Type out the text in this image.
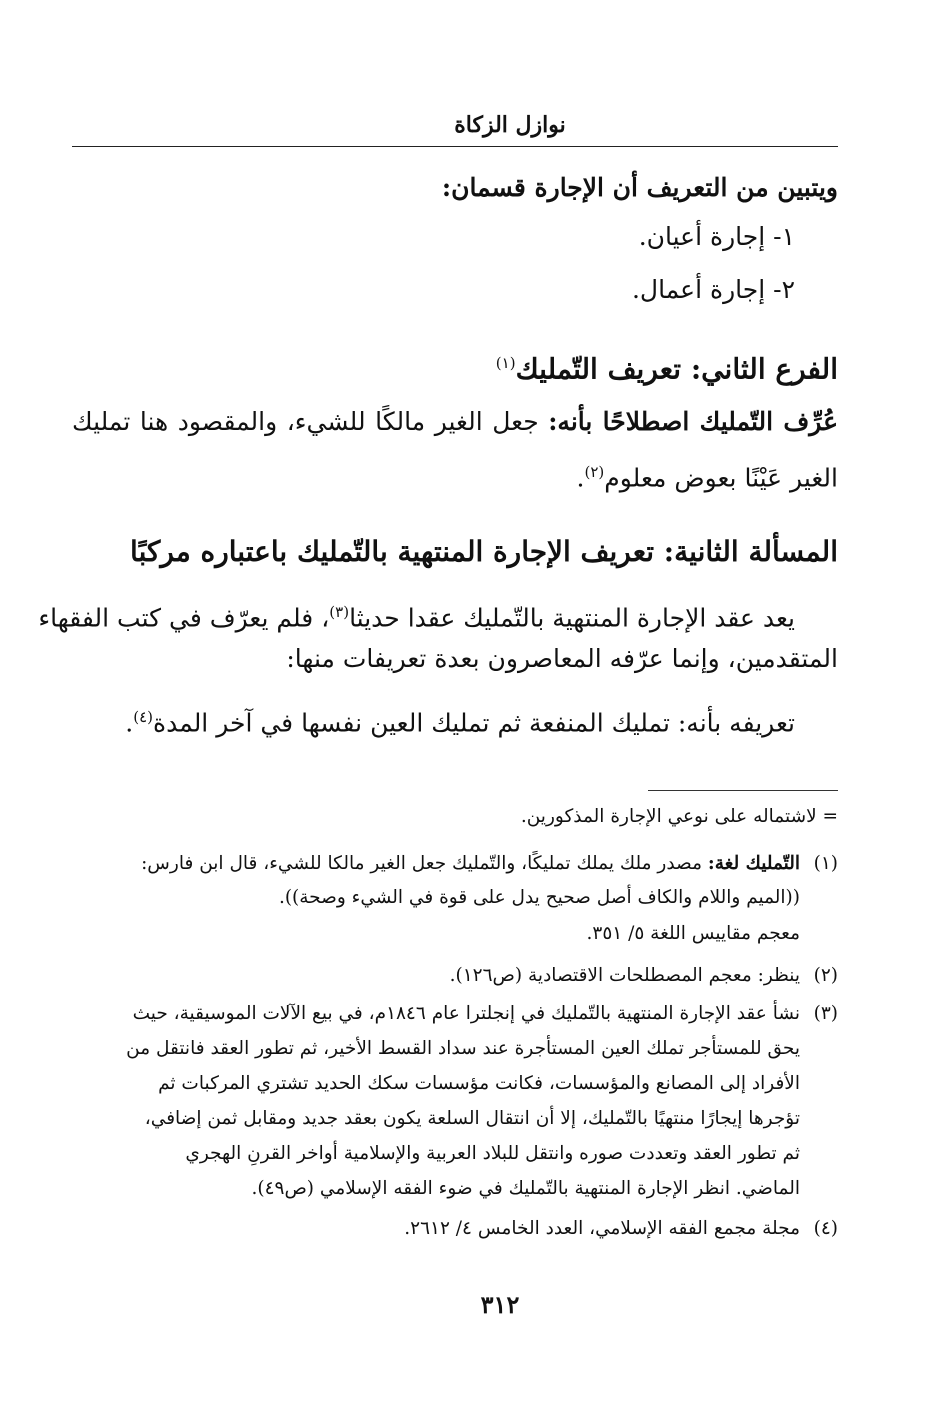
نوازل الزكاة
ويتبين من التعريف أن الإجارة قسمان:
١- إجارة أعيان.
٢- إجارة أعمال.
الفرع الثاني: تعريف التّمليك$^{(١)}$
عُرِّف التّمليك اصطلاحًا بأنه: جعل الغير مالكًا للشيء، والمقصود هنا تمليك
الغير عَيْنًا بعوض معلوم$^{(٢)}$.
المسألة الثانية: تعريف الإجارة المنتهية بالتّمليك باعتباره مركبًا
يعد عقد الإجارة المنتهية بالتّمليك عقدا حديثا$^{(٣)}$، فلم يعرّف في كتب الفقهاء
المتقدمين، وإنما عرّفه المعاصرون بعدة تعريفات منها:
تعريفه بأنه: تمليك المنفعة ثم تمليك العين نفسها في آخر المدة$^{(٤)}$.
= لاشتماله على نوعي الإجارة المذكورين.
(١)
التّمليك لغة: مصدر ملك يملك تمليكًا، والتّمليك جعل الغير مالكا للشيء، قال ابن فارس:
((الميم واللام والكاف أصل صحيح يدل على قوة في الشيء وصحة)).
معجم مقاييس اللغة ٥/ ٣٥١.
(٢)
ينظر: معجم المصطلحات الاقتصادية (ص١٢٦).
(٣)
نشأ عقد الإجارة المنتهية بالتّمليك في إنجلترا عام ١٨٤٦م، في بيع الآلات الموسيقية، حيث
يحق للمستأجر تملك العين المستأجرة عند سداد القسط الأخير، ثم تطور العقد فانتقل من
الأفراد إلى المصانع والمؤسسات، فكانت مؤسسات سكك الحديد تشتري المركبات ثم
تؤجرها إيجارًا منتهيًا بالتّمليك، إلا أن انتقال السلعة يكون بعقد جديد ومقابل ثمن إضافي،
ثم تطور العقد وتعددت صوره وانتقل للبلاد العربية والإسلامية أواخر القرنِ الهجري
الماضي. انظر الإجارة المنتهية بالتّمليك في ضوء الفقه الإسلامي (ص٤٩).
(٤)
مجلة مجمع الفقه الإسلامي، العدد الخامس ٤/ ٢٦١٢.
٣١٢
